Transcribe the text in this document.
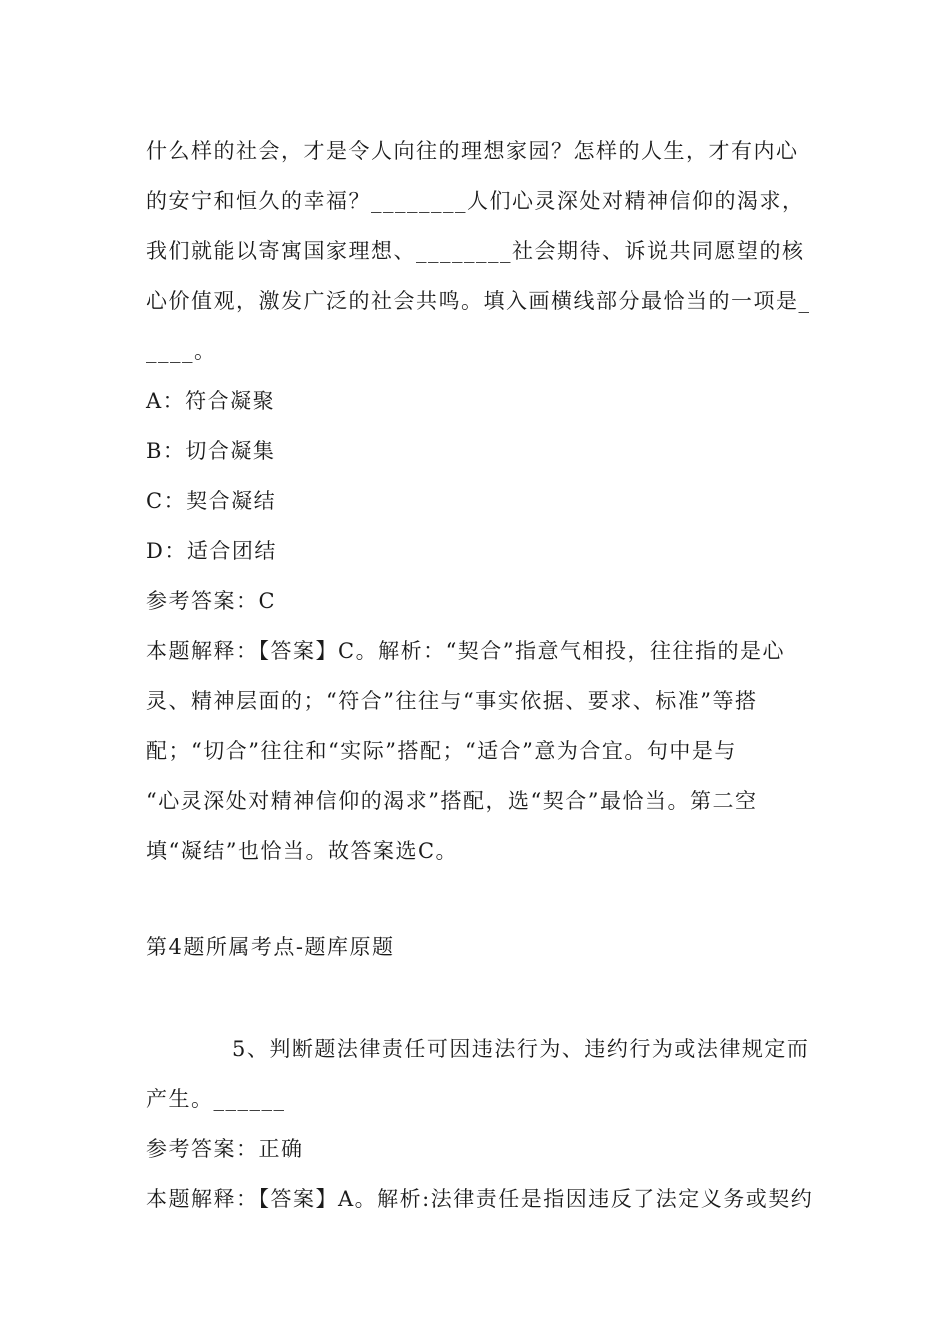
什么样的社会，才是令人向往的理想家园？怎样的人生，才有内心
的安宁和恒久的幸福？________人们心灵深处对精神信仰的渴求，
我们就能以寄寓国家理想、________社会期待、诉说共同愿望的核
心价值观，激发广泛的社会共鸣。填入画横线部分最恰当的一项是_
____。
A：符合凝聚
B：切合凝集
C：契合凝结
D：适合团结
参考答案：C
本题解释：【答案】C。解析：“契合”指意气相投，往往指的是心
灵、精神层面的；“符合”往往与“事实依据、要求、标准”等搭
配；“切合”往往和“实际”搭配；“适合”意为合宜。句中是与
“心灵深处对精神信仰的渴求”搭配，选“契合”最恰当。第二空
填“凝结”也恰当。故答案选C。
第4题所属考点-题库原题
5、判断题法律责任可因违法行为、违约行为或法律规定而
产生。______
参考答案：正确
本题解释：【答案】A。解析:法律责任是指因违反了法定义务或契约
